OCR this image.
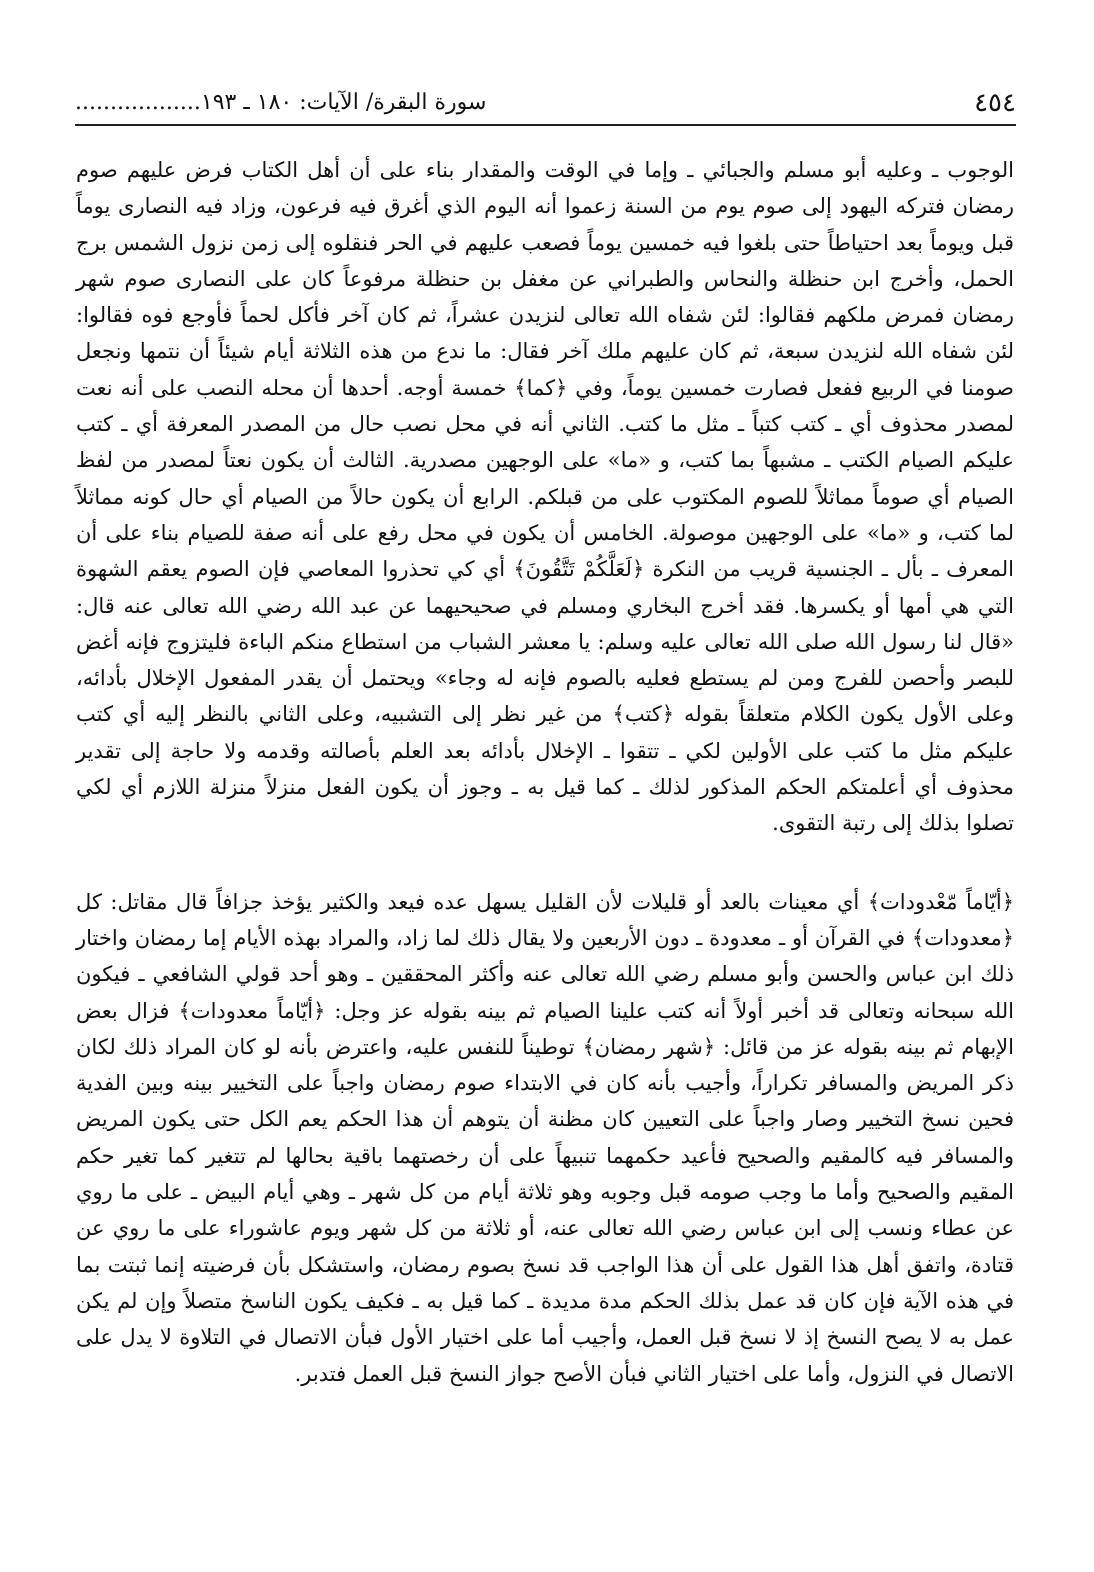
٤٥٤
سورة البقرة/ الآيات: ١٨٠ ـ ١٩٣..................

الوجوب ـ وعليه أبو مسلم والجبائي ـ وإما في الوقت والمقدار بناء على أن أهل الكتاب فرض عليهم صوم رمضان فتركه اليهود إلى صوم يوم من السنة زعموا أنه اليوم الذي أغرق فيه فرعون، وزاد فيه النصارى يوماً قبل ويوماً بعد احتياطاً حتى بلغوا فيه خمسين يوماً فصعب عليهم في الحر فنقلوه إلى زمن نزول الشمس برج الحمل، وأخرج ابن حنظلة والنحاس والطبراني عن مغفل بن حنظلة مرفوعاً كان على النصارى صوم شهر رمضان فمرض ملكهم فقالوا: لئن شفاه الله تعالى لنزيدن عشراً، ثم كان آخر فأكل لحماً فأوجع فوه فقالوا: لئن شفاه الله لنزيدن سبعة، ثم كان عليهم ملك آخر فقال: ما ندع من هذه الثلاثة أيام شيئاً أن نتمها ونجعل صومنا في الربيع ففعل فصارت خمسين يوماً، وفي ﴿كما﴾ خمسة أوجه. أحدها أن محله النصب على أنه نعت لمصدر محذوف أي ـ كتب كتباً ـ مثل ما كتب. الثاني أنه في محل نصب حال من المصدر المعرفة أي ـ كتب عليكم الصيام الكتب ـ مشبهاً بما كتب، و «ما» على الوجهين مصدرية. الثالث أن يكون نعتاً لمصدر من لفظ الصيام أي صوماً مماثلاً للصوم المكتوب على من قبلكم. الرابع أن يكون حالاً من الصيام أي حال كونه مماثلاً لما كتب، و «ما» على الوجهين موصولة. الخامس أن يكون في محل رفع على أنه صفة للصيام بناء على أن المعرف ـ بأل ـ الجنسية قريب من النكرة ﴿لَعَلَّكُمْ تَتَّقُونَ﴾ أي كي تحذروا المعاصي فإن الصوم يعقم الشهوة التي هي أمها أو يكسرها. فقد أخرج البخاري ومسلم في صحيحيهما عن عبد الله رضي الله تعالى عنه قال: «قال لنا رسول الله صلى الله تعالى عليه وسلم: يا معشر الشباب من استطاع منكم الباءة فليتزوج فإنه أغض للبصر وأحصن للفرج ومن لم يستطع فعليه بالصوم فإنه له وجاء» ويحتمل أن يقدر المفعول الإخلال بأدائه، وعلى الأول يكون الكلام متعلقاً بقوله ﴿كتب﴾ من غير نظر إلى التشبيه، وعلى الثاني بالنظر إليه أي كتب عليكم مثل ما كتب على الأولين لكي ـ تتقوا ـ الإخلال بأدائه بعد العلم بأصالته وقدمه ولا حاجة إلى تقدير محذوف أي أعلمتكم الحكم المذكور لذلك ـ كما قيل به ـ وجوز أن يكون الفعل منزلاً منزلة اللازم أي لكي تصلوا بذلك إلى رتبة التقوى.

﴿أيّاماً مّعْدودات﴾ أي معينات بالعد أو قليلات لأن القليل يسهل عده فيعد والكثير يؤخذ جزافاً قال مقاتل: كل ﴿معدودات﴾ في القرآن أو ـ معدودة ـ دون الأربعين ولا يقال ذلك لما زاد، والمراد بهذه الأيام إما رمضان واختار ذلك ابن عباس والحسن وأبو مسلم رضي الله تعالى عنه وأكثر المحققين ـ وهو أحد قولي الشافعي ـ فيكون الله سبحانه وتعالى قد أخبر أولاً أنه كتب علينا الصيام ثم بينه بقوله عز وجل: ﴿أيّاماً معدودات﴾ فزال بعض الإبهام ثم بينه بقوله عز من قائل: ﴿شهر رمضان﴾ توطيناً للنفس عليه، واعترض بأنه لو كان المراد ذلك لكان ذكر المريض والمسافر تكراراً، وأجيب بأنه كان في الابتداء صوم رمضان واجباً على التخيير بينه وبين الفدية فحين نسخ التخيير وصار واجباً على التعيين كان مظنة أن يتوهم أن هذا الحكم يعم الكل حتى يكون المريض والمسافر فيه كالمقيم والصحيح فأعيد حكمهما تنبيهاً على أن رخصتهما باقية بحالها لم تتغير كما تغير حكم المقيم والصحيح وأما ما وجب صومه قبل وجوبه وهو ثلاثة أيام من كل شهر ـ وهي أيام البيض ـ على ما روي عن عطاء ونسب إلى ابن عباس رضي الله تعالى عنه، أو ثلاثة من كل شهر ويوم عاشوراء على ما روي عن قتادة، واتفق أهل هذا القول على أن هذا الواجب قد نسخ بصوم رمضان، واستشكل بأن فرضيته إنما ثبتت بما في هذه الآية فإن كان قد عمل بذلك الحكم مدة مديدة ـ كما قيل به ـ فكيف يكون الناسخ متصلاً وإن لم يكن عمل به لا يصح النسخ إذ لا نسخ قبل العمل، وأجيب أما على اختيار الأول فبأن الاتصال في التلاوة لا يدل على الاتصال في النزول، وأما على اختيار الثاني فبأن الأصح جواز النسخ قبل العمل فتدبر.
